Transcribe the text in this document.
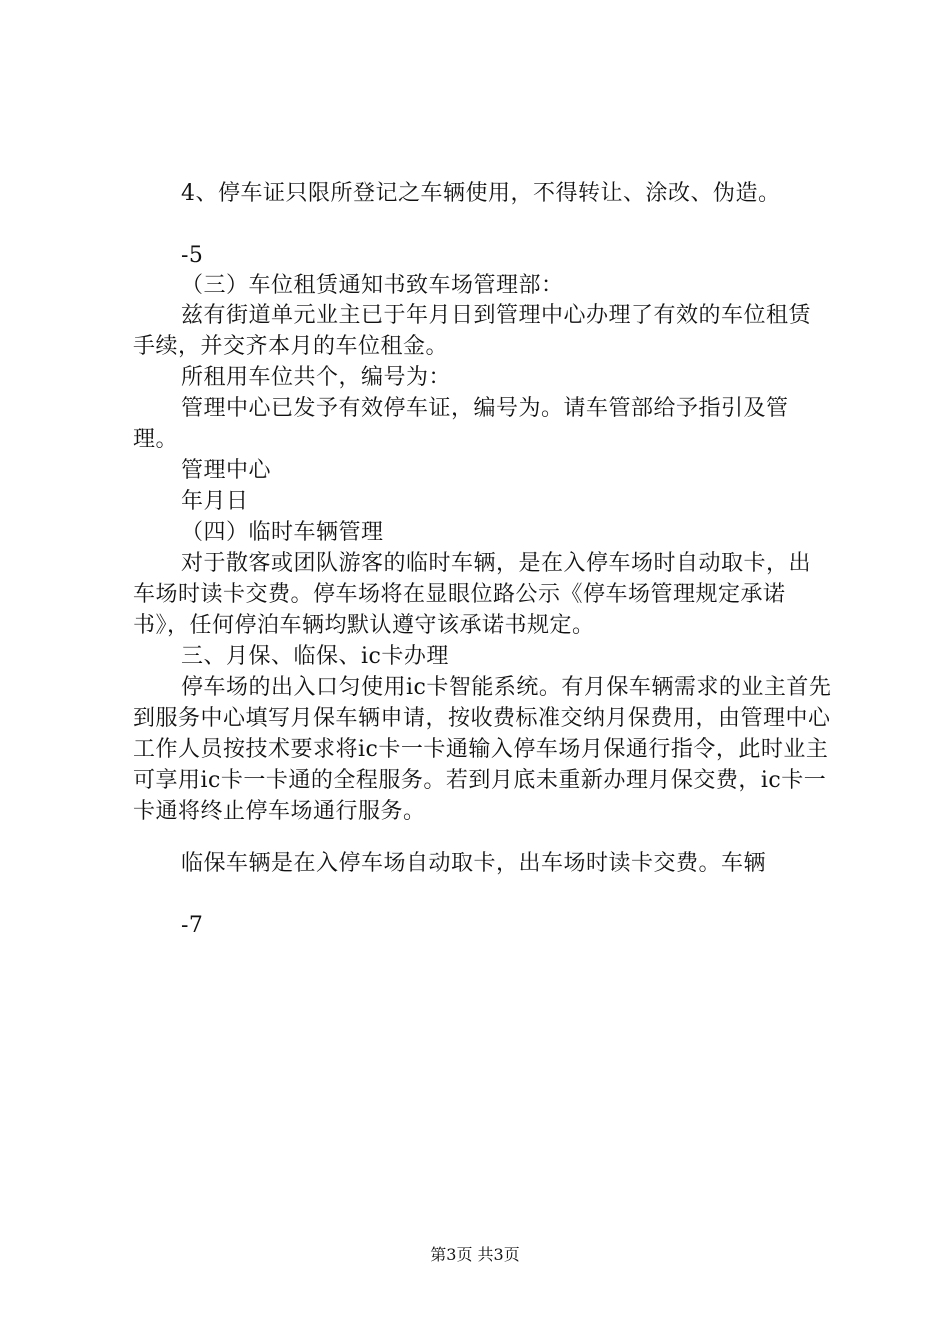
4、停车证只限所登记之车辆使用，不得转让、涂改、伪造。
-5
（三）车位租赁通知书致车场管理部：
兹有街道单元业主已于年月日到管理中心办理了有效的车位租赁手续，并交齐本月的车位租金。
所租用车位共个，编号为：
管理中心已发予有效停车证，编号为。请车管部给予指引及管理。
管理中心
年月日
（四）临时车辆管理
对于散客或团队游客的临时车辆，是在入停车场时自动取卡，出车场时读卡交费。停车场将在显眼位路公示《停车场管理规定承诺书》，任何停泊车辆均默认遵守该承诺书规定。
三、月保、临保、ic卡办理
停车场的出入口匀使用ic卡智能系统。有月保车辆需求的业主首先到服务中心填写月保车辆申请，按收费标准交纳月保费用，由管理中心工作人员按技术要求将ic卡一卡通输入停车场月保通行指令，此时业主可享用ic卡一卡通的全程服务。若到月底未重新办理月保交费，ic卡一卡通将终止停车场通行服务。
临保车辆是在入停车场自动取卡，出车场时读卡交费。车辆
-7
第3页 共3页
